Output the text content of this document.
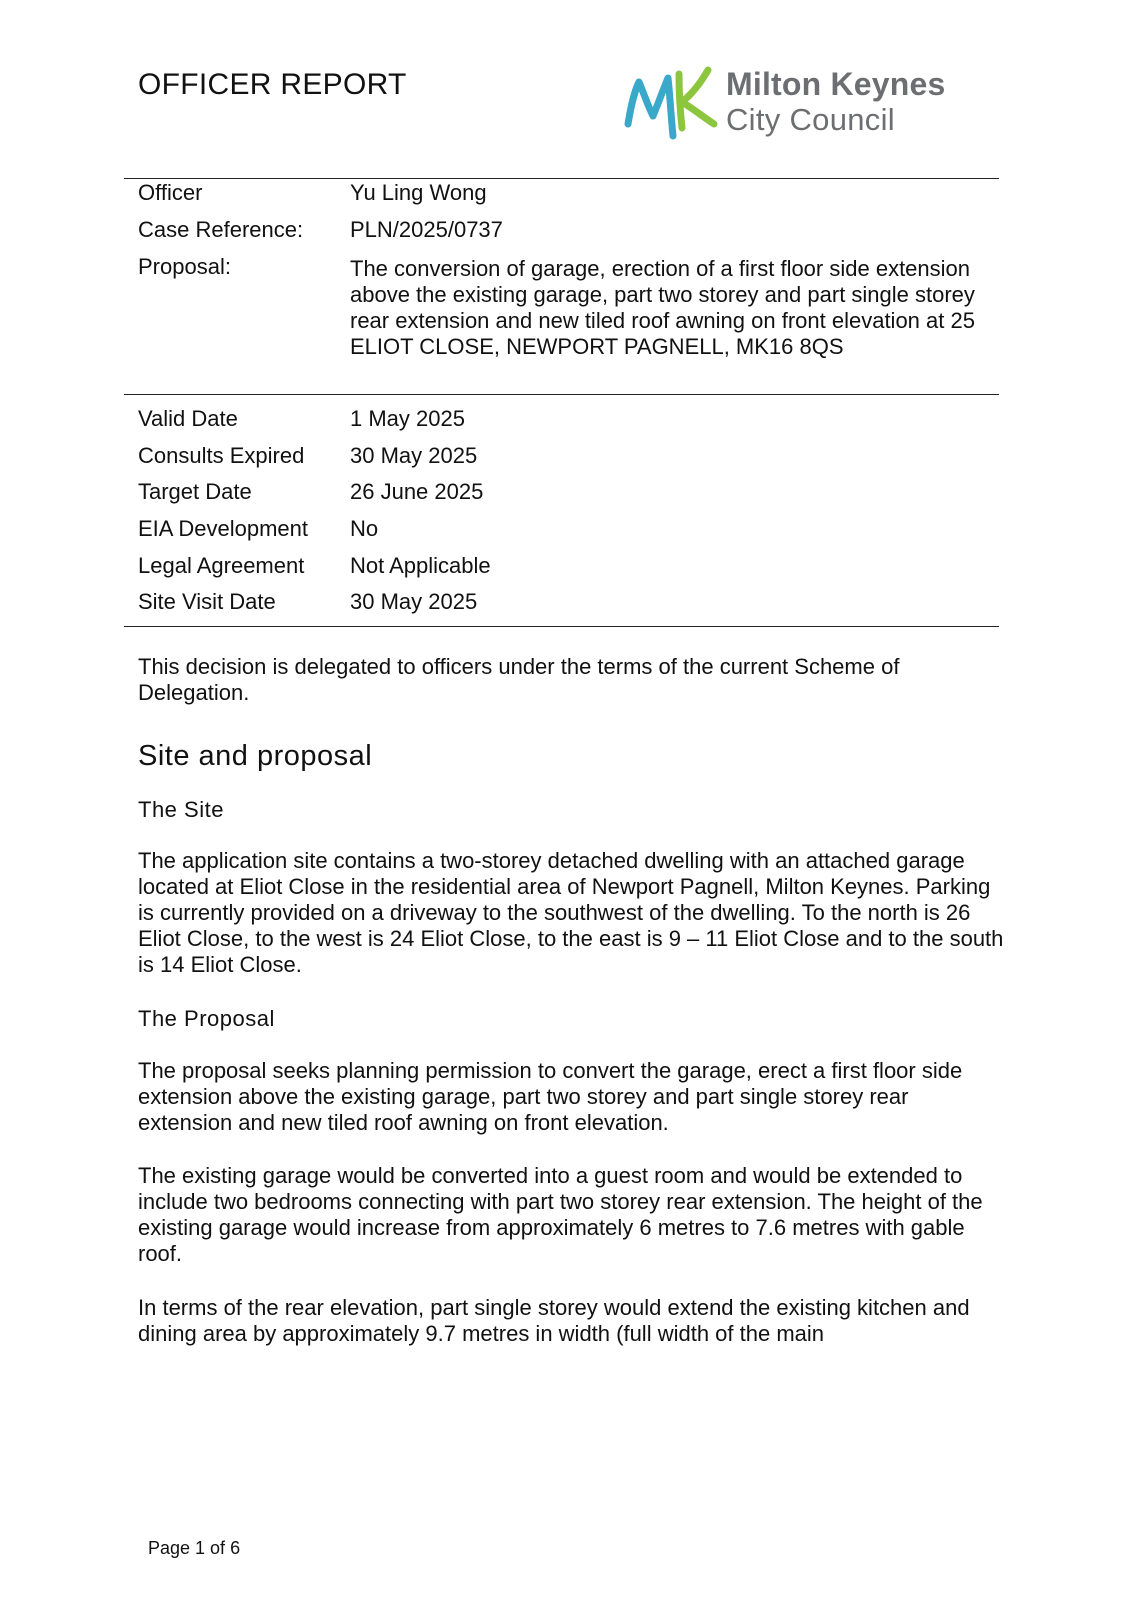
OFFICER REPORT	Milton Keynes
City Council
Officer	Yu Ling Wong
Case Reference: PLN/2025/0737
Proposal:	The conversion of garage, erection of a first floor side extension above the existing garage, part two storey and part single storey rear extension and new tiled roof awning on front elevation at 25 ELIOT CLOSE, NEWPORT PAGNELL, MK16 8QS
Valid Date	1 May 2025
Consults Expired 30 May 2025
Target Date	26 June 2025
EIA Development No
Legal Agreement Not Applicable
Site Visit Date	30 May 2025

This decision is delegated to officers under the terms of the current Scheme of Delegation.

Site and proposal
The Site

The application site contains a two-storey detached dwelling with an attached garage located at Eliot Close in the residential area of Newport Pagnell, Milton Keynes. Parking is currently provided on a driveway to the southwest of the dwelling. To the north is 26 Eliot Close, to the west is 24 Eliot Close, to the east is 9 – 11 Eliot Close and to the south is 14 Eliot Close.

The Proposal

The proposal seeks planning permission to convert the garage, erect a first floor side extension above the existing garage, part two storey and part single storey rear extension and new tiled roof awning on front elevation.

The existing garage would be converted into a guest room and would be extended to include two bedrooms connecting with part two storey rear extension. The height of the existing garage would increase from approximately 6 metres to 7.6 metres with gable roof.

In terms of the rear elevation, part single storey would extend the existing kitchen and dining area by approximately 9.7 metres in width (full width of the main

Page 1 of 6
